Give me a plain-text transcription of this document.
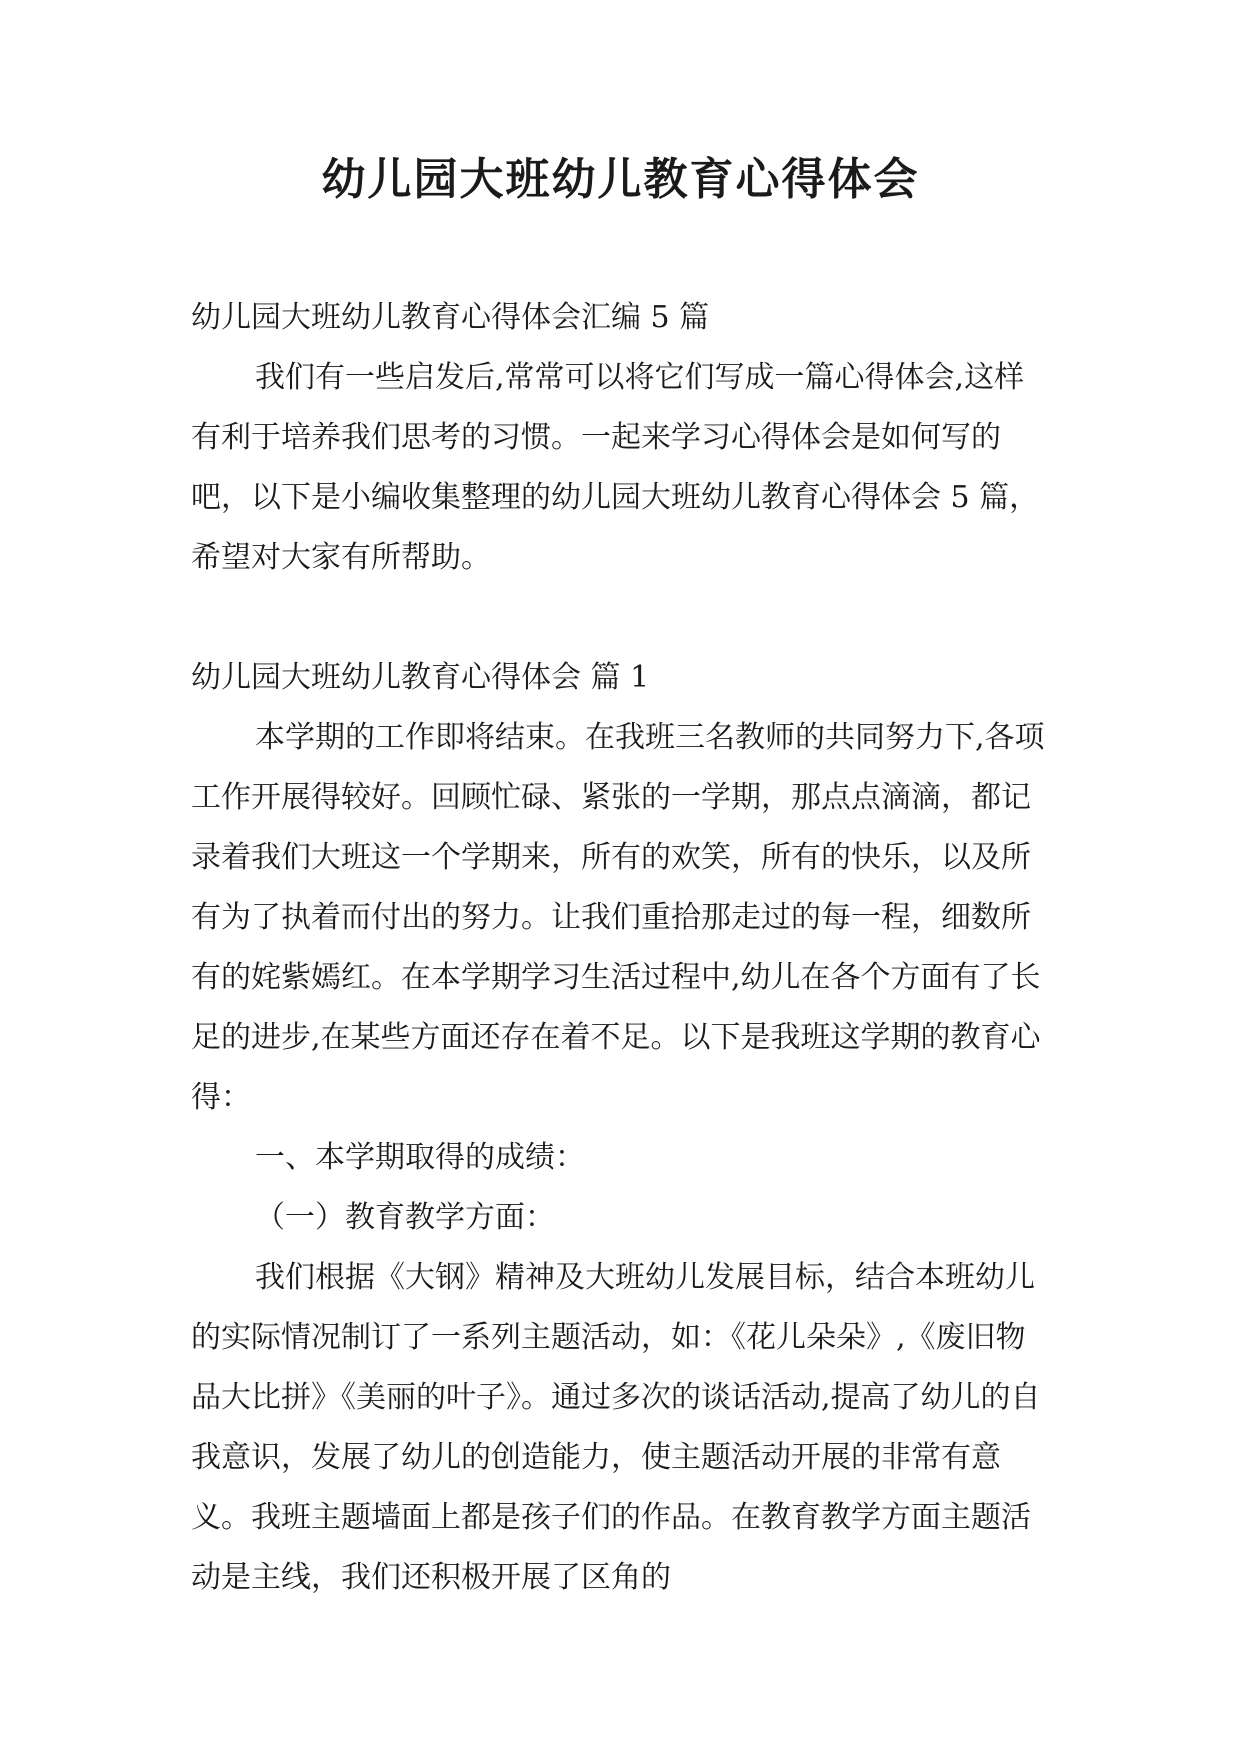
幼儿园大班幼儿教育心得体会

幼儿园大班幼儿教育心得体会汇编 5 篇

我们有一些启发后,常常可以将它们写成一篇心得体会,这样有利于培养我们思考的习惯。一起来学习心得体会是如何写的吧，以下是小编收集整理的幼儿园大班幼儿教育心得体会 5 篇，希望对大家有所帮助。

幼儿园大班幼儿教育心得体会 篇 1

本学期的工作即将结束。在我班三名教师的共同努力下,各项工作开展得较好。回顾忙碌、紧张的一学期，那点点滴滴，都记录着我们大班这一个学期来，所有的欢笑，所有的快乐，以及所有为了执着而付出的努力。让我们重拾那走过的每一程，细数所有的姹紫嫣红。在本学期学习生活过程中,幼儿在各个方面有了长足的进步,在某些方面还存在着不足。以下是我班这学期的教育心得：

一、本学期取得的成绩：

（一）教育教学方面：

我们根据《大钢》精神及大班幼儿发展目标，结合本班幼儿的实际情况制订了一系列主题活动，如：《花儿朵朵》,《废旧物品大比拼》《美丽的叶子》。通过多次的谈话活动,提高了幼儿的自我意识，发展了幼儿的创造能力，使主题活动开展的非常有意义。我班主题墙面上都是孩子们的作品。在教育教学方面主题活动是主线，我们还积极开展了区角的
